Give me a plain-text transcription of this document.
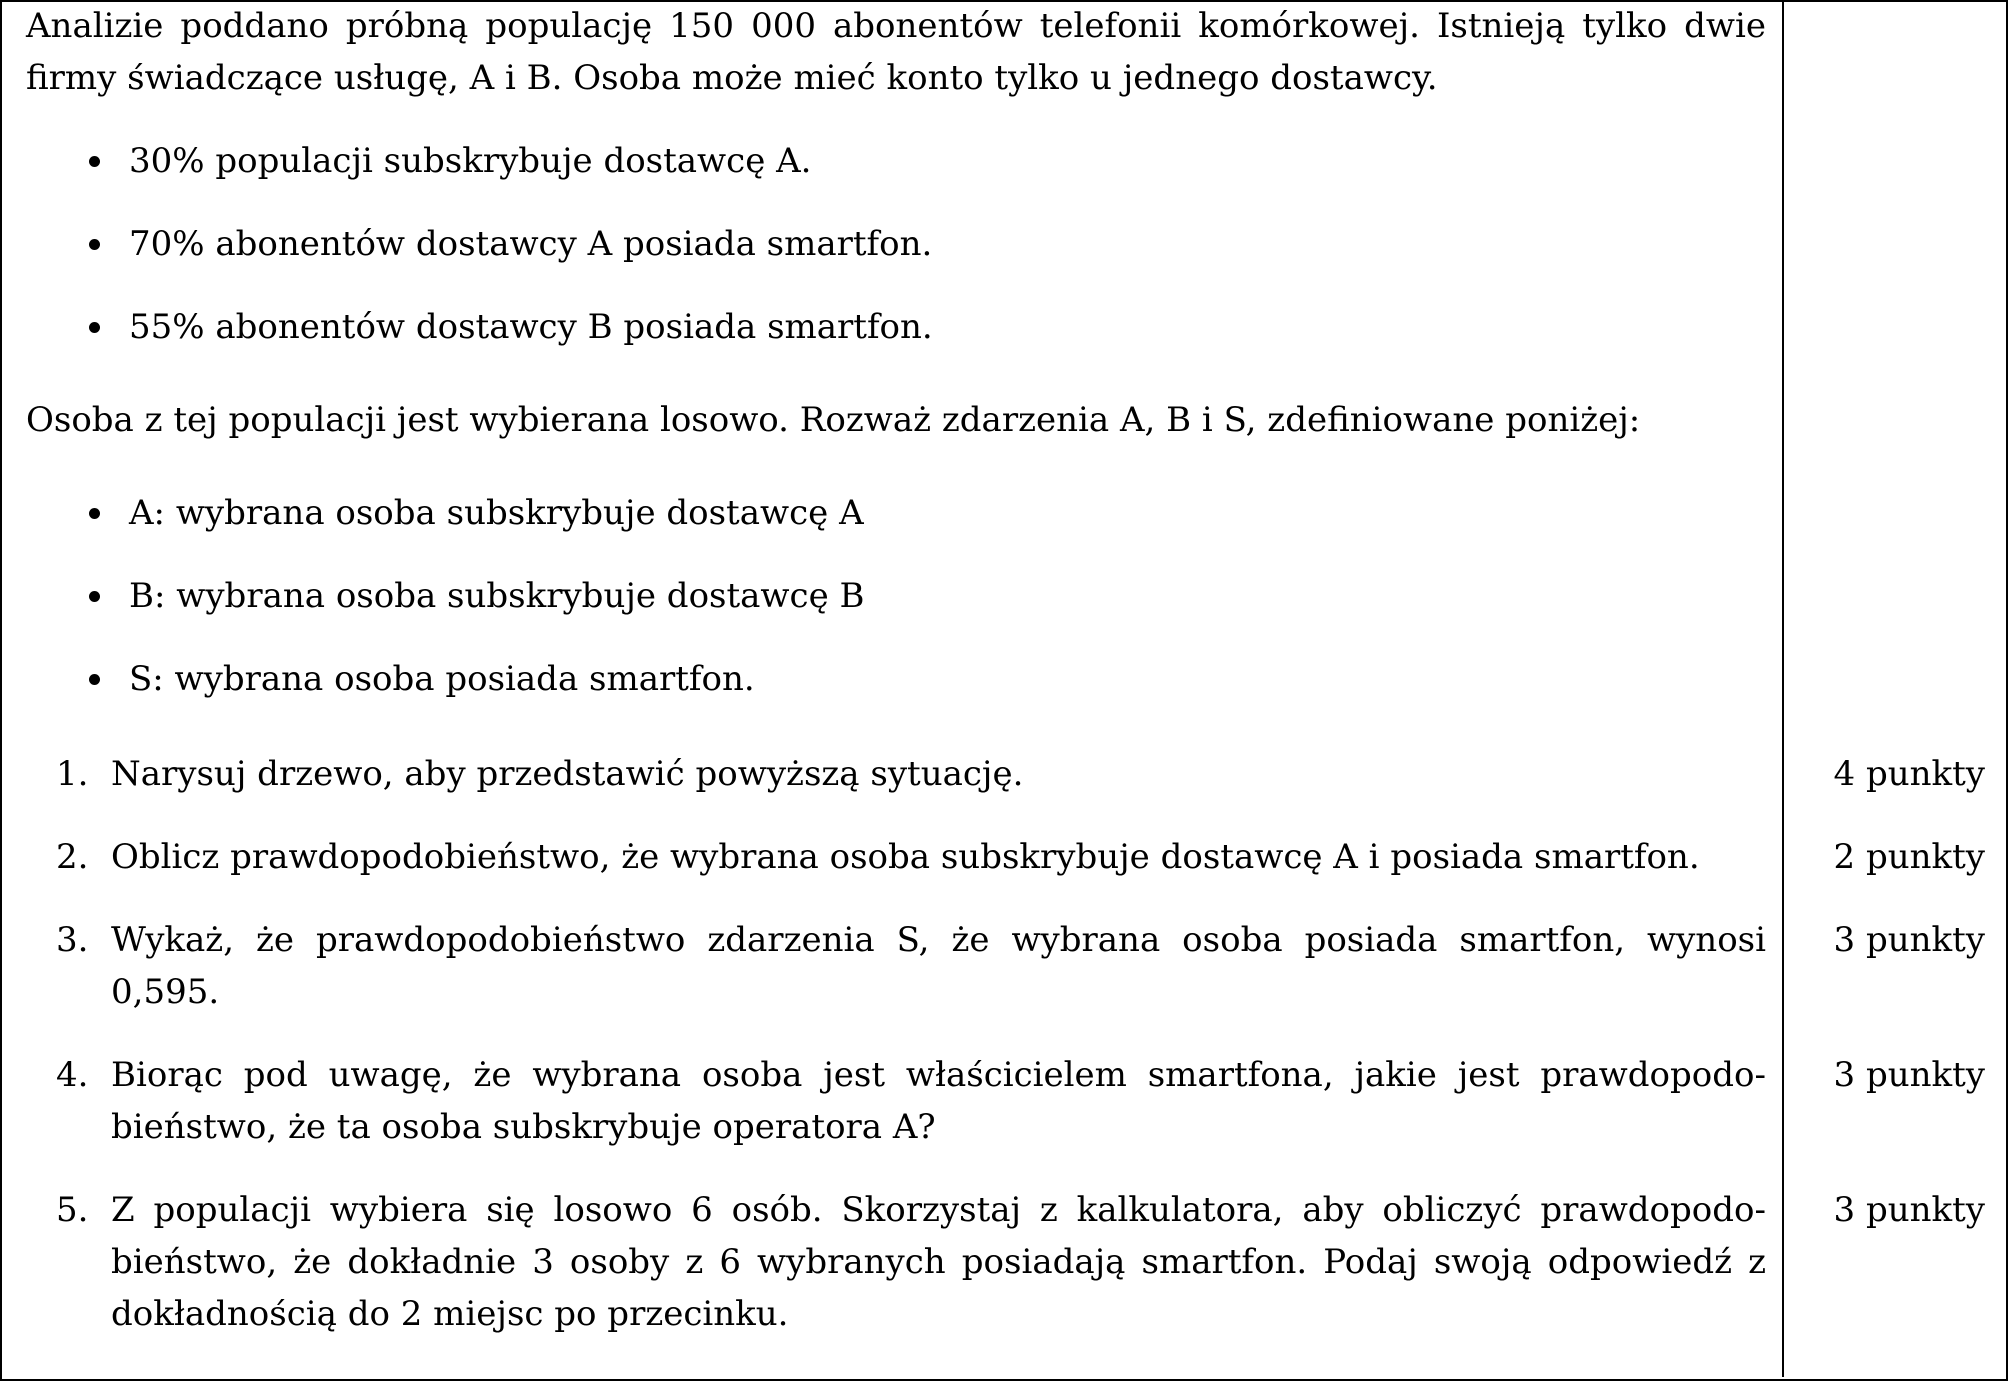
Analizie poddano próbną populację 150 000 abonentów telefonii komórkowej. Istnieją tylko dwie firmy świadczące usługę, A i B. Osoba może mieć konto tylko u jednego dostawcy.

30% populacji subskrybuje dostawcę A.
70% abonentów dostawcy A posiada smartfon.
55% abonentów dostawcy B posiada smartfon.

Osoba z tej populacji jest wybierana losowo. Rozważ zdarzenia A, B i S, zdefiniowane poniżej:

A: wybrana osoba subskrybuje dostawcę A
B: wybrana osoba subskrybuje dostawcę B
S: wybrana osoba posiada smartfon.
1. Narysuj drzewo, aby przedstawić powyższą sytuację.
2. Oblicz prawdopodobieństwo, że wybrana osoba subskrybuje dostawcę A i posiada smartfon.
3. Wykaż, że prawdopodobieństwo zdarzenia S, że wybrana osoba posiada smartfon, wynosi 0,595.
4. Biorąc pod uwagę, że wybrana osoba jest właścicielem smartfona, jakie jest prawdopodobieństwo, że ta osoba subskrybuje operatora A?
5. Z populacji wybiera się losowo 6 osób. Skorzystaj z kalkulatora, aby obliczyć prawdopodobieństwo, że dokładnie 3 osoby z 6 wybranych posiadają smartfon. Podaj swoją odpowiedź z dokładnością do 2 miejsc po przecinku.
4 punkty
2 punkty
3 punkty
3 punkty
3 punkty
